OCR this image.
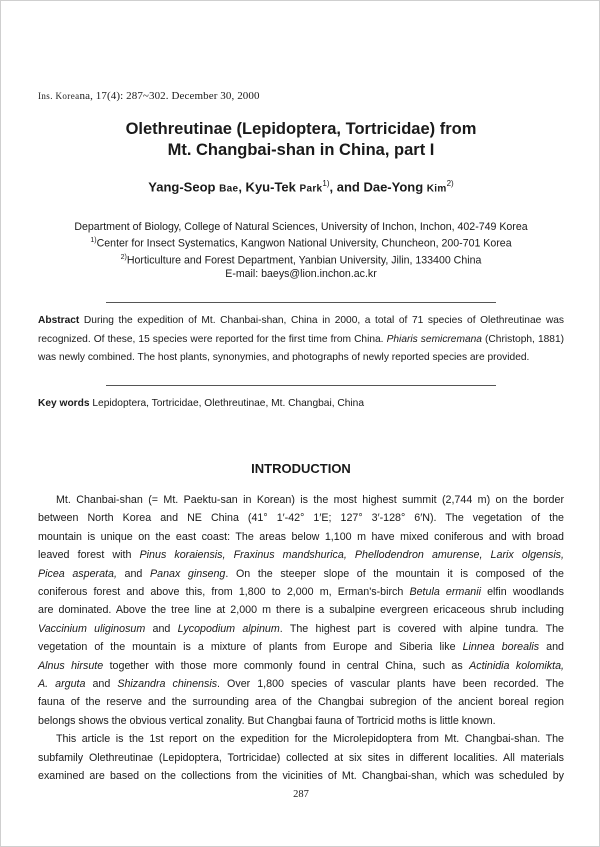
Ins. Koreana, 17(4): 287~302. December 30, 2000
Olethreutinae (Lepidoptera, Tortricidae) from
Mt. Changbai-shan in China, part I
Yang-Seop Bae, Kyu-Tek Park$^{1)}$, and Dae-Yong Kim$^{2)}$
Department of Biology, College of Natural Sciences, University of Inchon, Inchon, 402-749 Korea
$^{1)}$Center for Insect Systematics, Kangwon National University, Chuncheon, 200-701 Korea
$^{2)}$Horticulture and Forest Department, Yanbian University, Jilin, 133400 China
E-mail: baeys@lion.inchon.ac.kr
Abstract During the expedition of Mt. Chanbai-shan, China in 2000, a total of 71 species of Olethreutinae was recognized. Of these, 15 species were reported for the first time from China. Phiaris semicremana (Christoph, 1881) was newly combined. The host plants, synonymies, and photographs of newly reported species are provided.
Key words Lepidoptera, Tortricidae, Olethreutinae, Mt. Changbai, China
INTRODUCTION

Mt. Chanbai-shan (= Mt. Paektu-san in Korean) is the most highest summit (2,744 m) on the border

between North Korea and NE China (41° 1′-42° 1′E; 127° 3′-128° 6′N). The vegetation of the
mountain is unique on the east coast: The areas below 1,100 m have mixed coniferous and with broad
leaved forest with Pinus koraiensis, Fraxinus mandshurica, Phellodendron amurense, Larix olgensis,
Picea asperata, and Panax ginseng. On the steeper slope of the mountain it is composed of the
coniferous forest and above this, from 1,800 to 2,000 m, Erman's-birch Betula ermanii elfin woodlands
are dominated. Above the tree line at 2,000 m there is a subalpine evergreen ericaceous shrub including
Vaccinium uliginosum and Lycopodium alpinum. The highest part is covered with alpine tundra. The
vegetation of the mountain is a mixture of plants from Europe and Siberia like Linnea borealis and
Alnus hirsute together with those more commonly found in central China, such as Actinidia kolomikta,
A. arguta and Shizandra chinensis. Over 1,800 species of vascular plants have been recorded. The
fauna of the reserve and the surrounding area of the Changbai subregion of the ancient boreal region
belongs shows the obvious vertical zonality. But Changbai fauna of Tortricid moths is little known.

This article is the 1st report on the expedition for the Microlepidoptera from Mt. Changbai-shan. The

subfamily Olethreutinae (Lepidoptera, Tortricidae) collected at six sites in different localities. All materials
examined are based on the collections from the vicinities of Mt. Changbai-shan, which was scheduled by
287
